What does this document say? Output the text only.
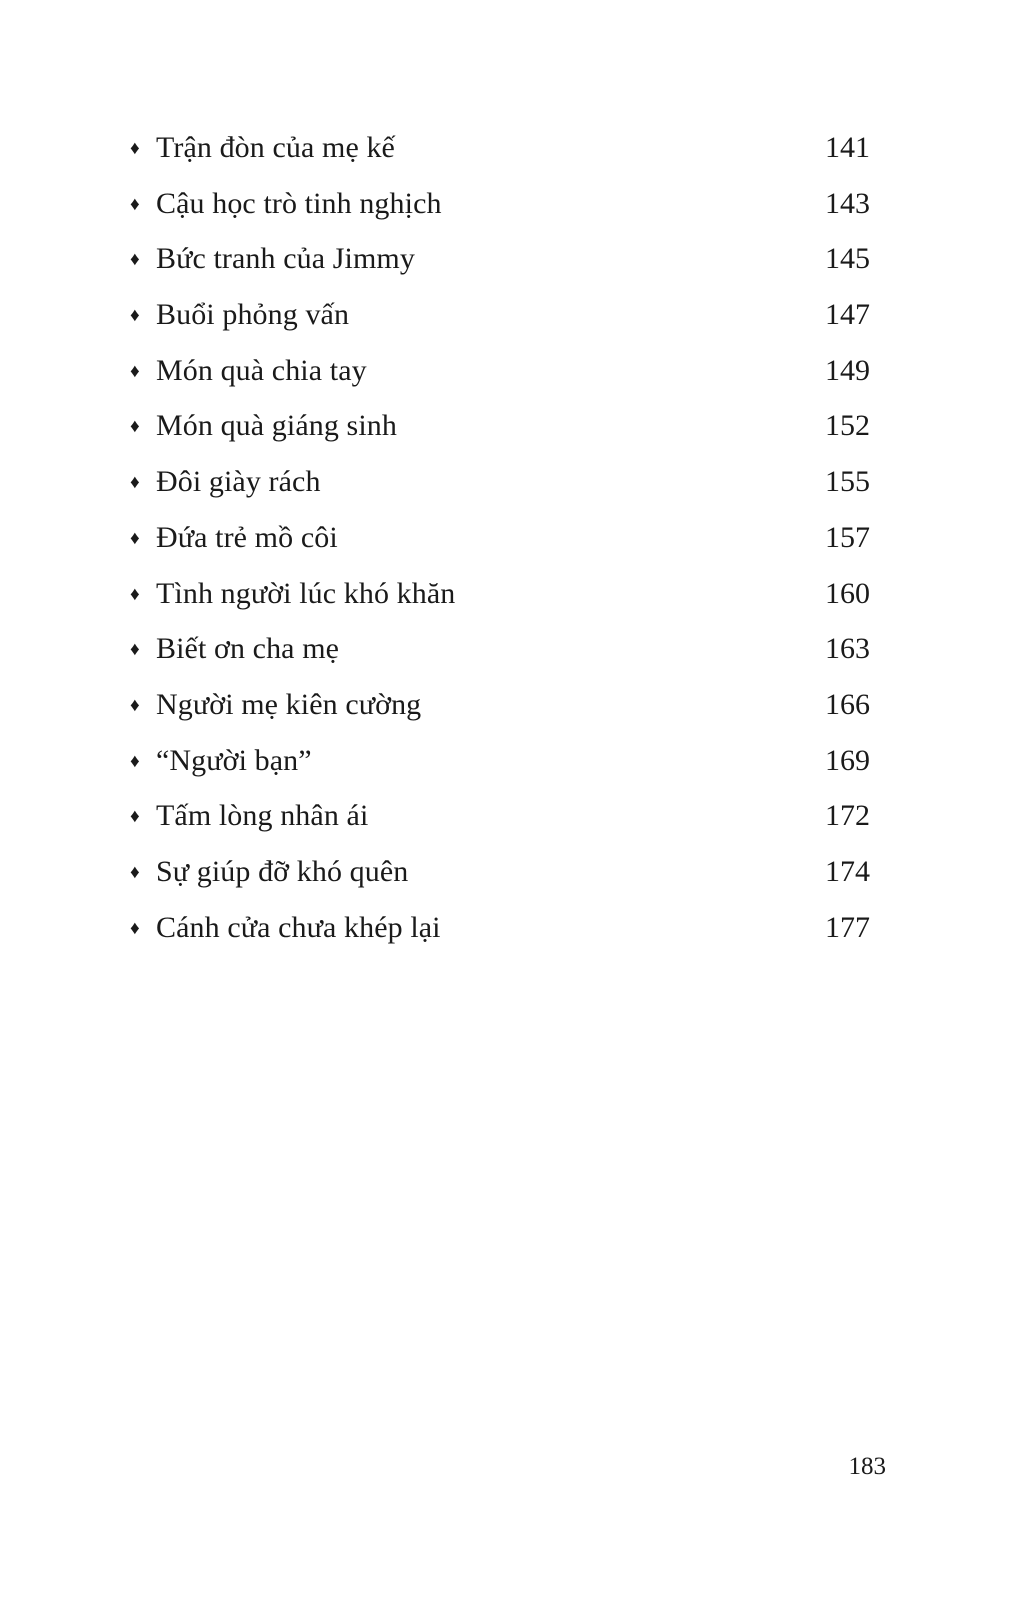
♦ Trận đòn của mẹ kế	141
♦ Cậu học trò tinh nghịch	143
♦ Bức tranh của Jimmy	145
♦ Buổi phỏng vấn	147
♦ Món quà chia tay	149
♦ Món quà giáng sinh	152
♦ Đôi giày rách	155
♦ Đứa trẻ mồ côi	157
♦ Tình người lúc khó khăn	160
♦ Biết ơn cha mẹ	163
♦ Người mẹ kiên cường	166
♦ “Người bạn”	169
♦ Tấm lòng nhân ái	172
♦ Sự giúp đỡ khó quên	174
♦ Cánh cửa chưa khép lại	177
183
